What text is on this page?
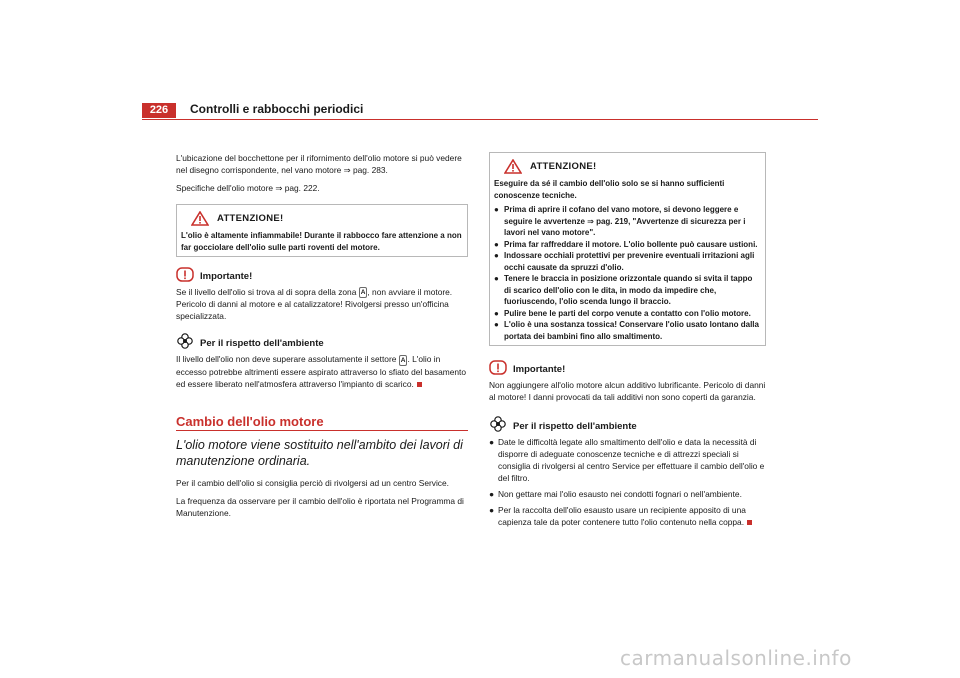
226	Controlli e rabbocchi periodici

L'ubicazione del bocchettone per il rifornimento dell'olio motore si può vedere nel disegno corrispondente, nel vano motore ⇒ pag. 283.

Specifiche dell'olio motore ⇒ pag. 222.

ATTENZIONE!
L'olio è altamente infiammabile! Durante il rabbocco fare attenzione a non far gocciolare dell'olio sulle parti roventi del motore.
Importante!

Se il livello dell'olio si trova al di sopra della zona A , non avviare il motore. Pericolo di danni al motore e al catalizzatore! Rivolgersi presso un'officina specializzata.

Per il rispetto dell'ambiente

Il livello dell'olio non deve superare assolutamente il settore A . L'olio in eccesso potrebbe altrimenti essere aspirato attraverso lo sfiato del basamento ed essere liberato nell'atmosfera attraverso l'impianto di scarico.

Cambio dell'olio motore
L'olio motore viene sostituito nell'ambito dei lavori di manutenzione ordinaria.

Per il cambio dell'olio si consiglia perciò di rivolgersi ad un centro Service.

La frequenza da osservare per il cambio dell'olio è riportata nel Programma di Manutenzione.

ATTENZIONE!

Eseguire da sé il cambio dell'olio solo se si hanno sufficienti conoscenze tecniche.

● Prima di aprire il cofano del vano motore, si devono leggere e seguire le avvertenze ⇒ pag. 219, "Avvertenze di sicurezza per i lavori nel vano motore".
● Prima far raffreddare il motore. L'olio bollente può causare ustioni.
● Indossare occhiali protettivi per prevenire eventuali irritazioni agli occhi causate da spruzzi d'olio.
● Tenere le braccia in posizione orizzontale quando si svita il tappo di scarico dell'olio con le dita, in modo da impedire che, fuoriuscendo, l'olio scenda lungo il braccio.
● Pulire bene le parti del corpo venute a contatto con l'olio motore.
● L'olio è una sostanza tossica! Conservare l'olio usato lontano dalla portata dei bambini fino allo smaltimento.
Importante!

Non aggiungere all'olio motore alcun additivo lubrificante. Pericolo di danni al motore! I danni provocati da tali additivi non sono coperti da garanzia.

Per il rispetto dell'ambiente
● Date le difficoltà legate allo smaltimento dell'olio e data la necessità di disporre di adeguate conoscenze tecniche e di attrezzi speciali si consiglia di rivolgersi al centro Service per effettuare il cambio dell'olio e del filtro.
● Non gettare mai l'olio esausto nei condotti fognari o nell'ambiente.
● Per la raccolta dell'olio esausto usare un recipiente apposito di una capienza tale da poter contenere tutto l'olio contenuto nella coppa.
carmanualsonline.info
